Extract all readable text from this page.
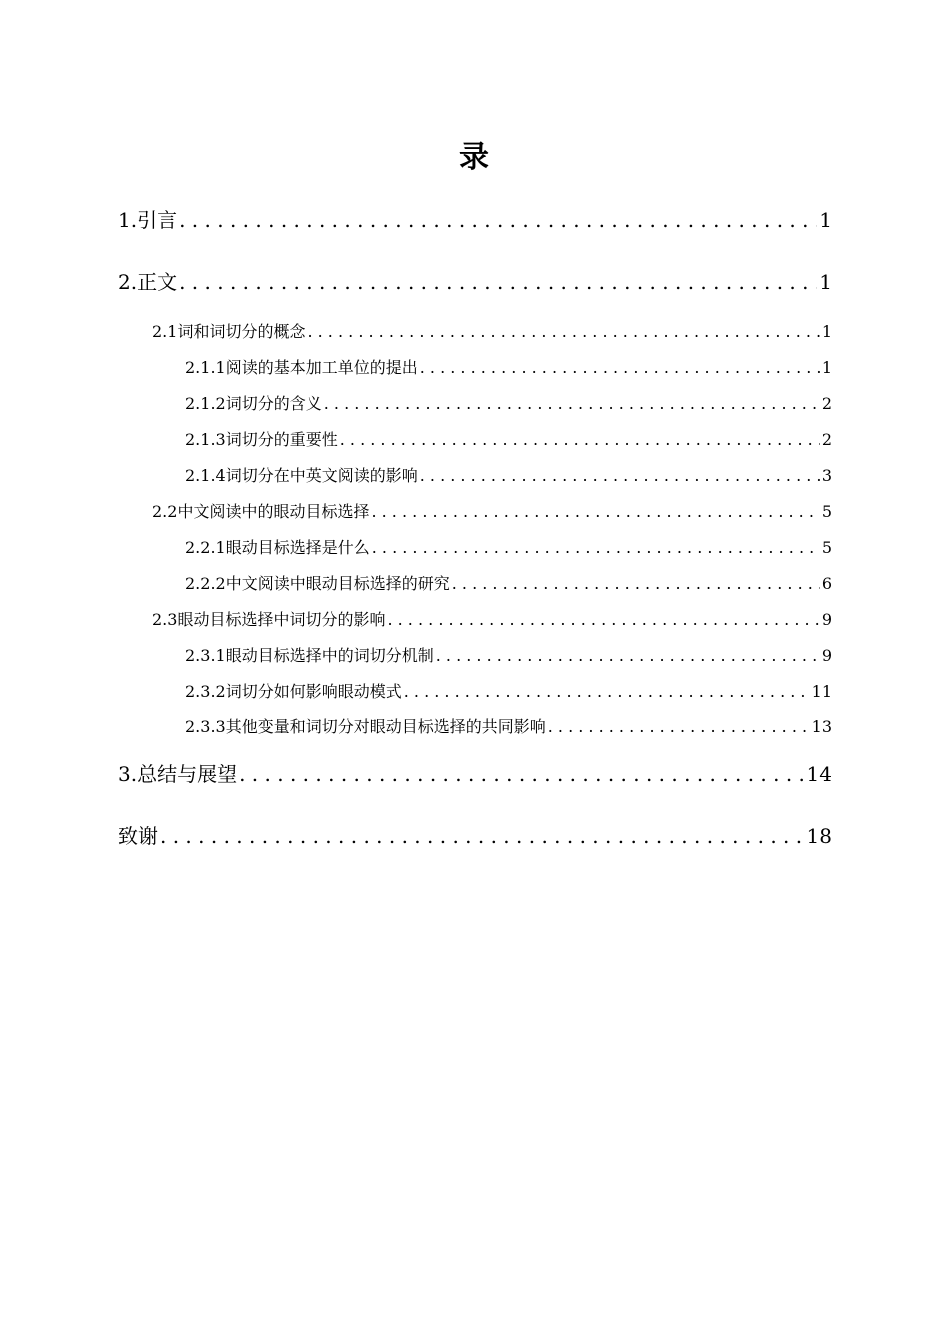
录
1.引言 . . .	1
2.正文 . . .	1
2.1词和词切分的概念 . . .	1
2.1.1阅读的基本加工单位的提出 . . .	1
2.1.2词切分的含义 . . .	2
2.1.3词切分的重要性 . . .	2
2.1.4词切分在中英文阅读的影响 . . .	3
2.2中文阅读中的眼动目标选择 . . .	5
2.2.1眼动目标选择是什么 . . .	5
2.2.2中文阅读中眼动目标选择的研究 . . .	6
2.3眼动目标选择中词切分的影响 . . .	9
2.3.1眼动目标选择中的词切分机制 . . .	9
2.3.2词切分如何影响眼动模式 . . .	11
2.3.3其他变量和词切分对眼动目标选择的共同影响 . . .	13
3.总结与展望 . . .	14
致谢 . . .	18
